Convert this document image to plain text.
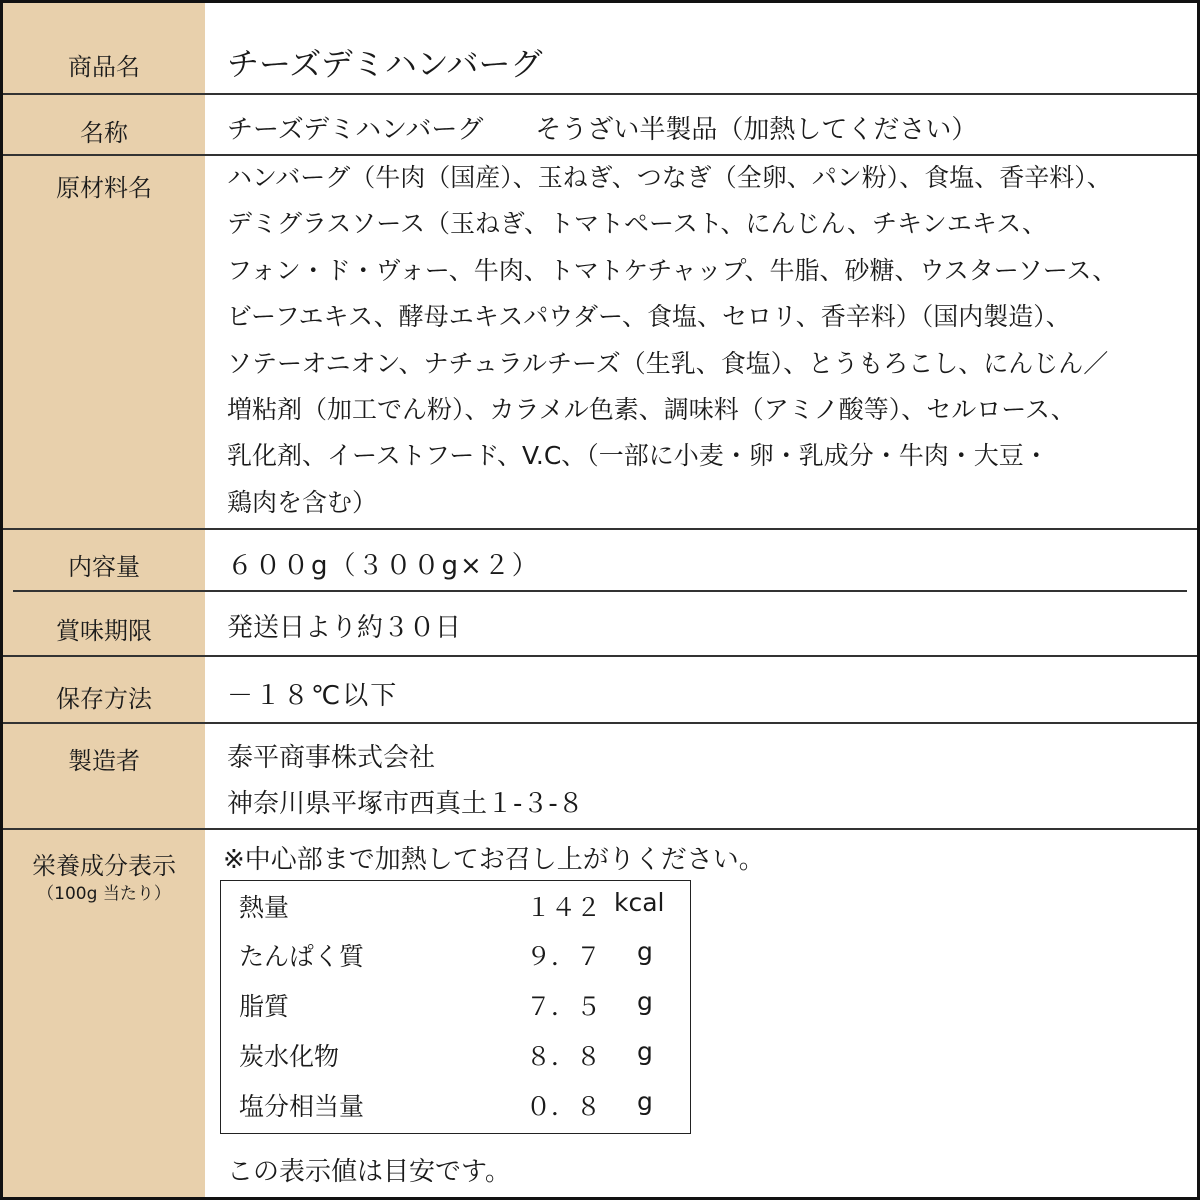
商品名	チーズデミハンバーグ
名称	チーズデミハンバーグ　　そうざい半製品（加熱してください）
原材料名	ハンバーグ（牛肉（国産）、玉ねぎ、つなぎ（全卵、パン粉）、食塩、香辛料）、
デミグラスソース（玉ねぎ、トマトペースト、にんじん、チキンエキス、
フォン・ド・ヴォー、牛肉、トマトケチャップ、牛脂、砂糖、ウスターソース、
ビーフエキス、酵母エキスパウダー、食塩、セロリ、香辛料）（国内製造）、
ソテーオニオン、ナチュラルチーズ（生乳、食塩）、とうもろこし、にんじん／
増粘剤（加工でん粉）、カラメル色素、調味料（アミノ酸等）、セルロース、
乳化剤、イーストフード、V.C、（一部に小麦・卵・乳成分・牛肉・大豆・
鶏肉を含む）
内容量	６００g（３００g×２）
賞味期限	発送日より約３０日
保存方法	－１８℃以下
製造者	泰平商事株式会社
神奈川県平塚市西真土１-３-８
栄養成分表示
（100g 当たり）
※中心部まで加熱してお召し上がりください。
熱量	１４２ kcal
たんぱく質	９．７ g
脂質	７．５ g
炭水化物	８．８ g
塩分相当量	０．８ g
この表示値は目安です。
